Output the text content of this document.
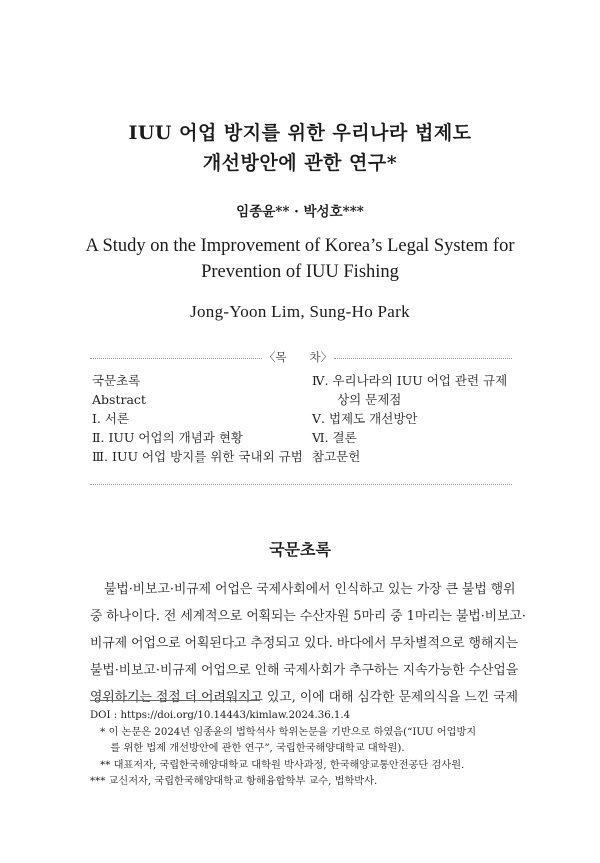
IUU 어업 방지를 위한 우리나라 법제도
개선방안에 관한 연구*
임종윤** · 박성호***
A Study on the Improvement of Korea’s Legal System for
Prevention of IUU Fishing
Jong-Yoon Lim, Sung-Ho Park
〈목　　차〉
국문초록
Abstract
Ⅰ. 서론
Ⅱ. IUU 어업의 개념과 현황
Ⅲ. IUU 어업 방지를 위한 국내외 규범
Ⅳ. 우리나라의 IUU 어업 관련 규제
　　상의 문제점
Ⅴ. 법제도 개선방안
Ⅵ. 결론
참고문헌
국문초록
불법·비보고·비규제 어업은 국제사회에서 인식하고 있는 가장 큰 불법 행위
중 하나이다. 전 세계적으로 어획되는 수산자원 5마리 중 1마리는 불법·비보고·
비규제 어업으로 어획된다고 추정되고 있다. 바다에서 무차별적으로 행해지는
불법·비보고·비규제 어업으로 인해 국제사회가 추구하는 지속가능한 수산업을
영위하기는 점점 더 어려워지고 있고, 이에 대해 심각한 문제의식을 느낀 국제
DOI : https://doi.org/10.14443/kimlaw.2024.36.1.4
　* 이 논문은 2024년 임종윤의 법학석사 학위논문을 기반으로 하였음(“IUU 어업방지
　　를 위한 법제 개선방안에 관한 연구”, 국립한국해양대학교 대학원).
　** 대표저자, 국립한국해양대학교 대학원 박사과정, 한국해양교통안전공단 검사원.
*** 교신저자, 국립한국해양대학교 항해융합학부 교수, 법학박사.
